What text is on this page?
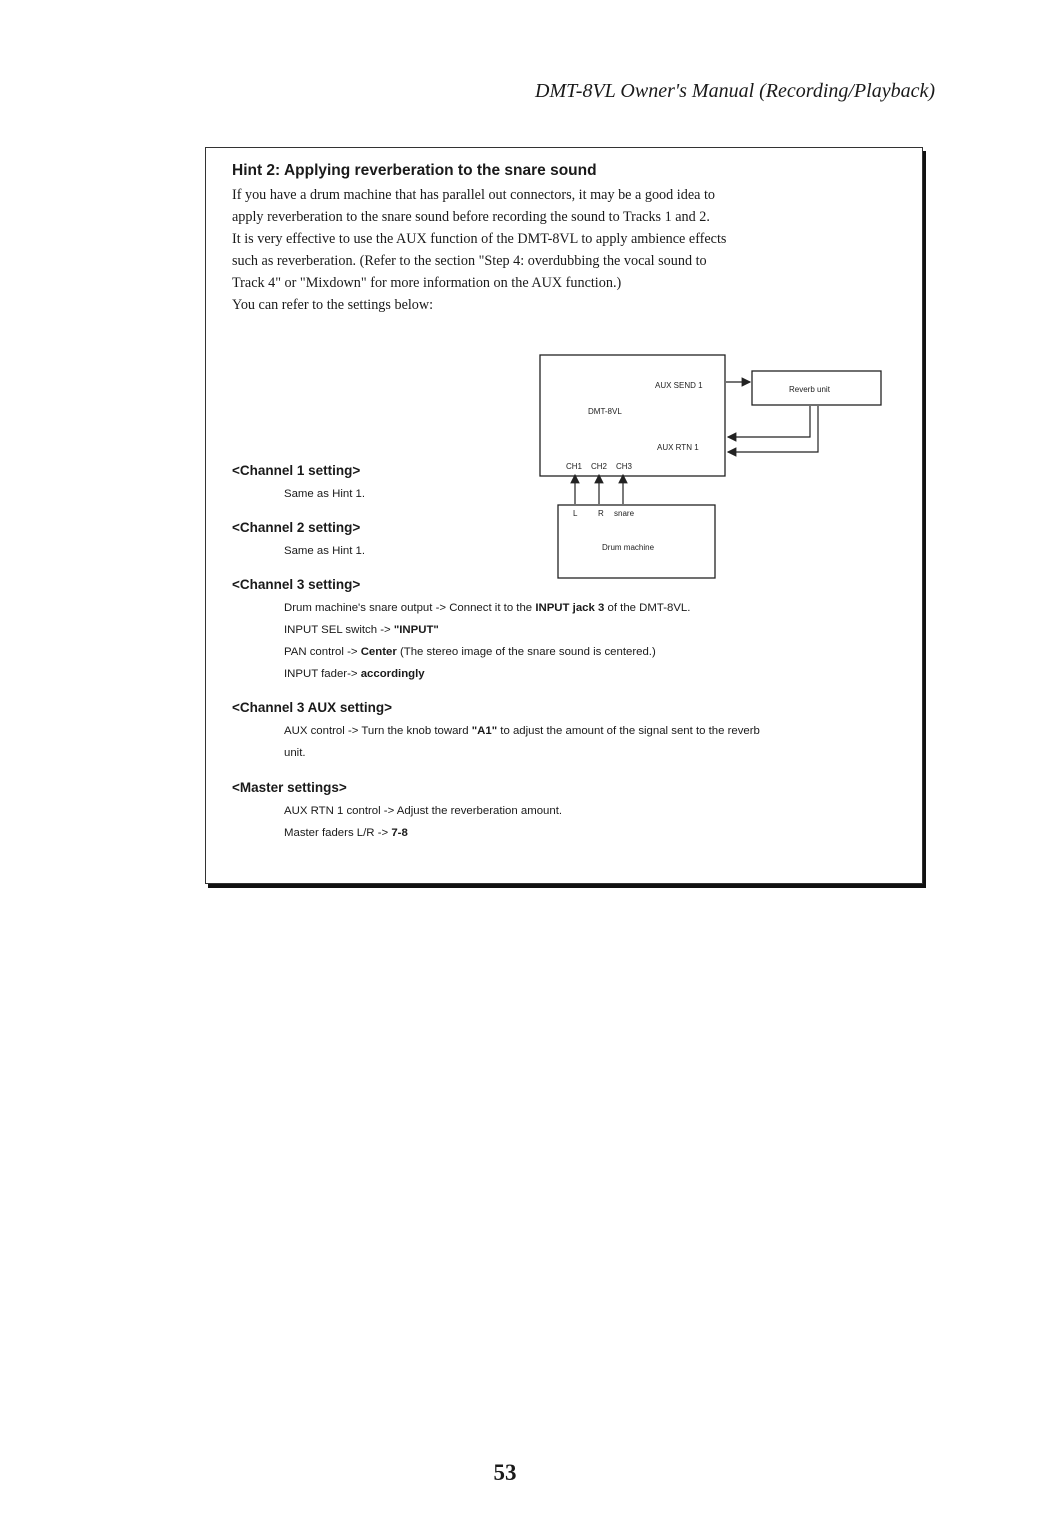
DMT-8VL Owner's Manual (Recording/Playback)
Hint 2: Applying reverberation to the snare sound

If you have a drum machine that has parallel out connectors, it may be a good idea to

apply reverberation to the snare sound before recording the sound to Tracks 1 and 2.

It is very effective to use the AUX function of the DMT-8VL to apply ambience effects

such as reverberation. (Refer to the section "Step 4: overdubbing the vocal sound to

Track 4" or "Mixdown" for more information on the AUX function.)

You can refer to the settings below:

DMT-8VL
AUX SEND 1
AUX RTN 1
CH1 CH2 CH3
Reverb unit
L	R snare
Drum machine
<Channel 1 setting>
Same as Hint 1.
<Channel 2 setting>
Same as Hint 1.
<Channel 3 setting>
Drum machine's snare output -> Connect it to the INPUT jack 3 of the DMT-8VL.
INPUT SEL switch -> "INPUT"
PAN control -> Center (The stereo image of the snare sound is centered.)
INPUT fader-> accordingly
<Channel 3 AUX setting>
AUX control -> Turn the knob toward "A1" to adjust the amount of the signal sent to the reverb
unit.
<Master settings>
AUX RTN 1 control -> Adjust the reverberation amount.
Master faders L/R -> 7-8
53
